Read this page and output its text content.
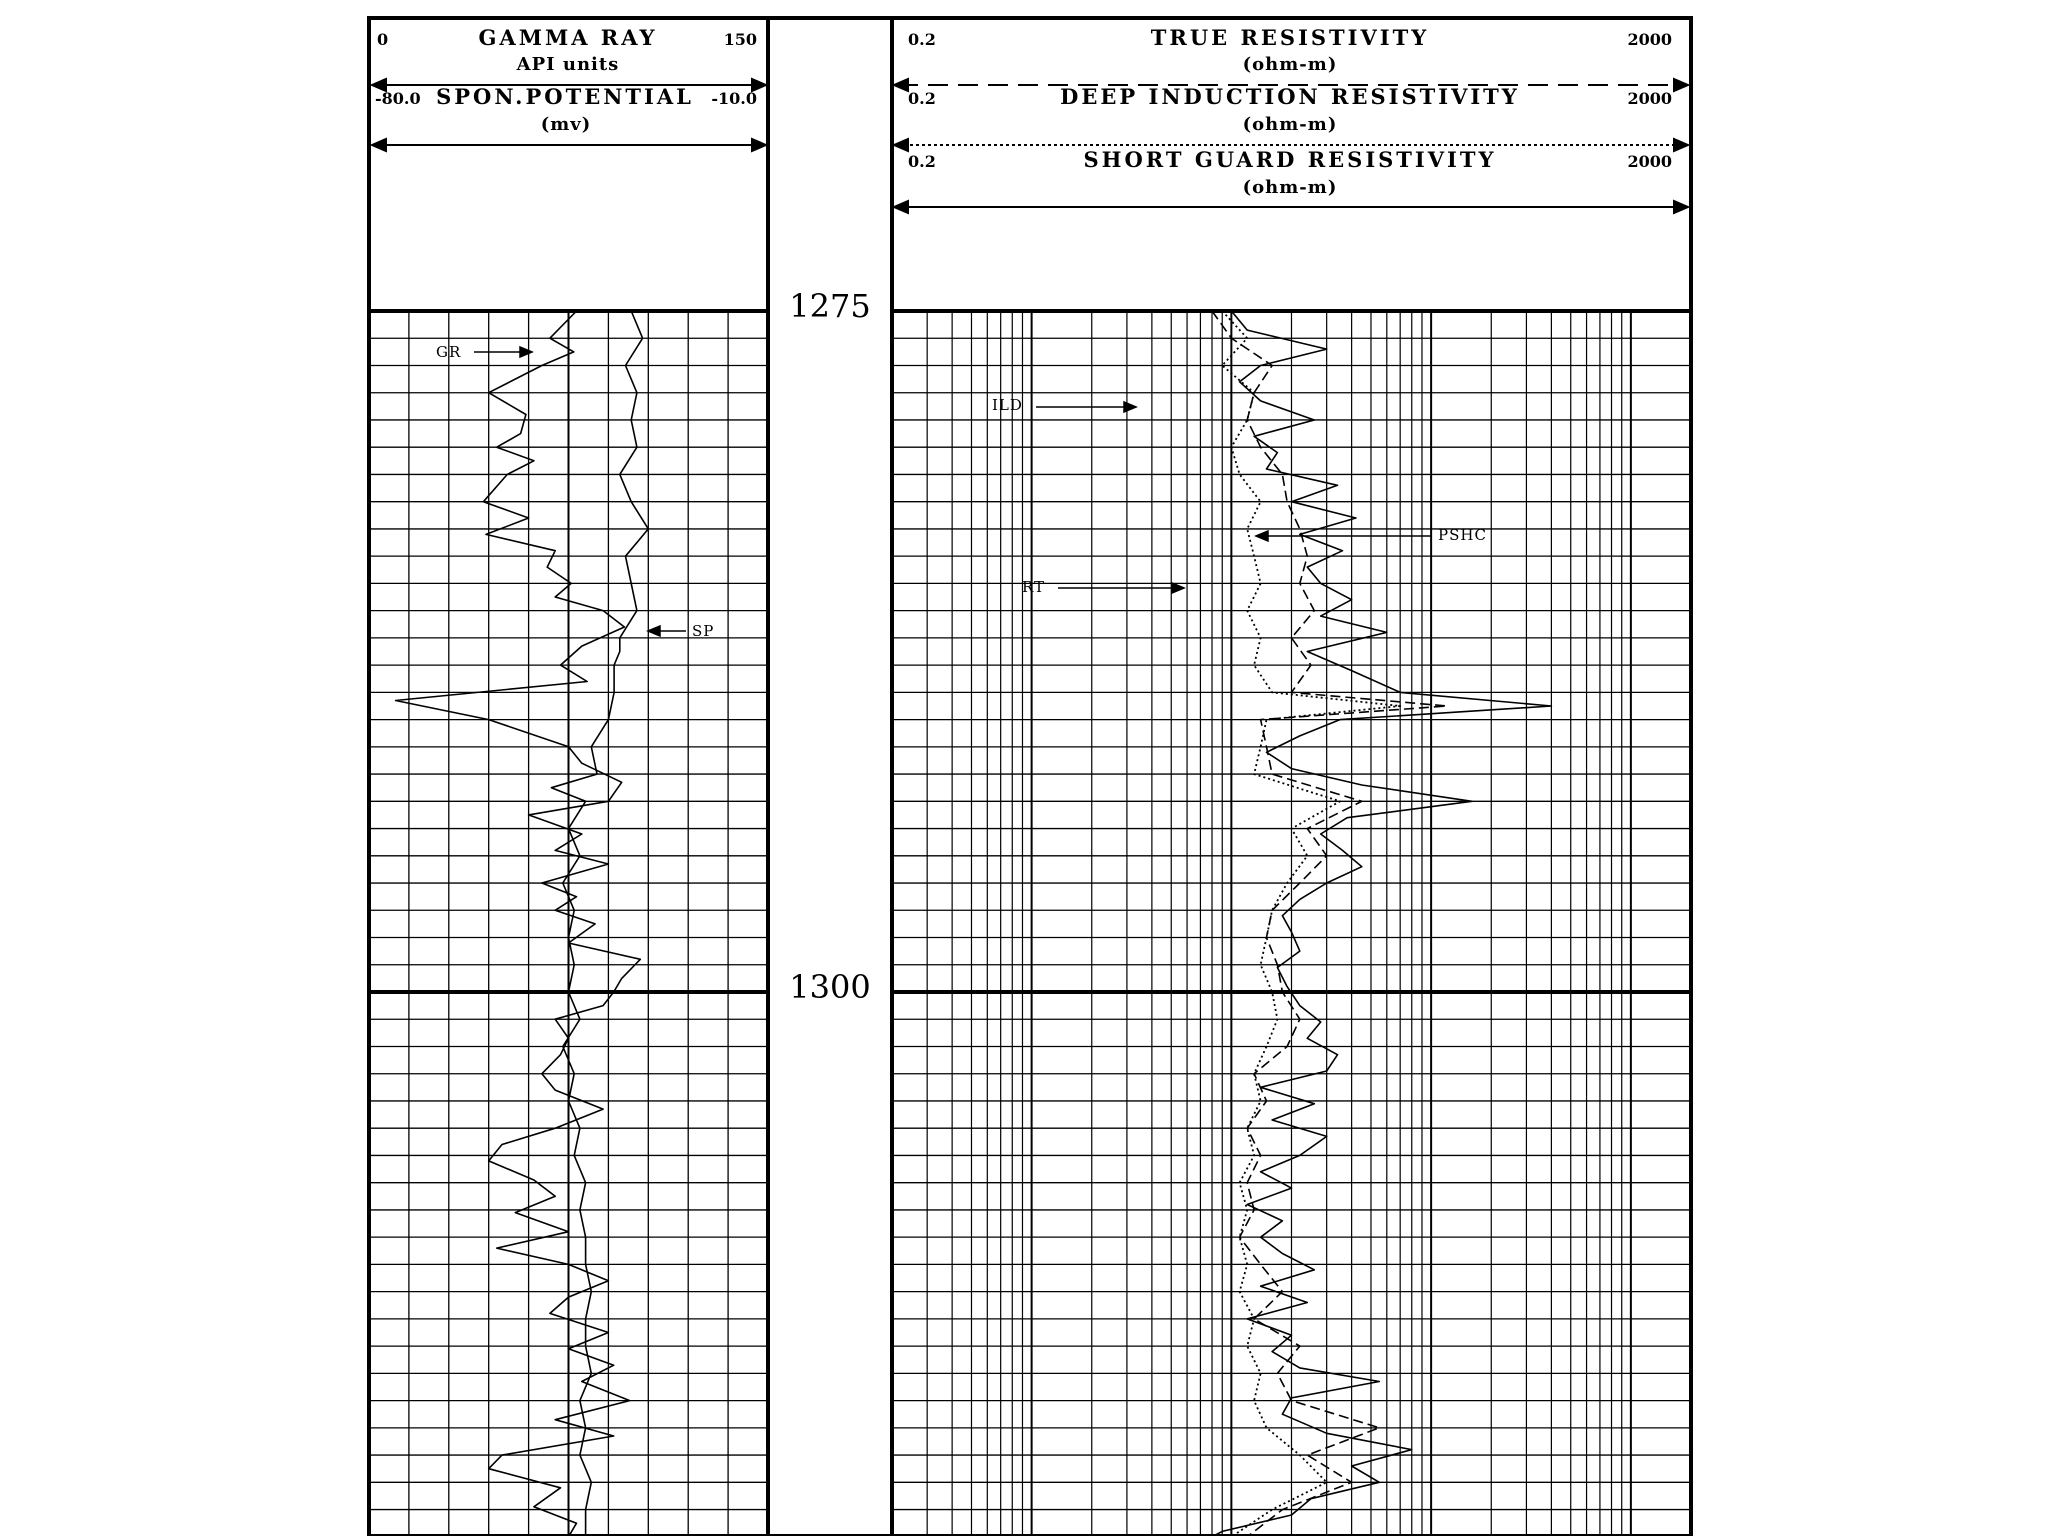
0	GAMMA RAY	150
API units
-80.0 SPON.POTENTIAL -10.0
(mv)
0.2	TRUE RESISTIVITY	2000
(ohm-m)
0.2	DEEP INDUCTION RESISTIVITY	2000
(ohm-m)
0.2	SHORT GUARD RESISTIVITY	2000
(ohm-m)
1275
1300
GR
SP
ILD
PSHC
RT
